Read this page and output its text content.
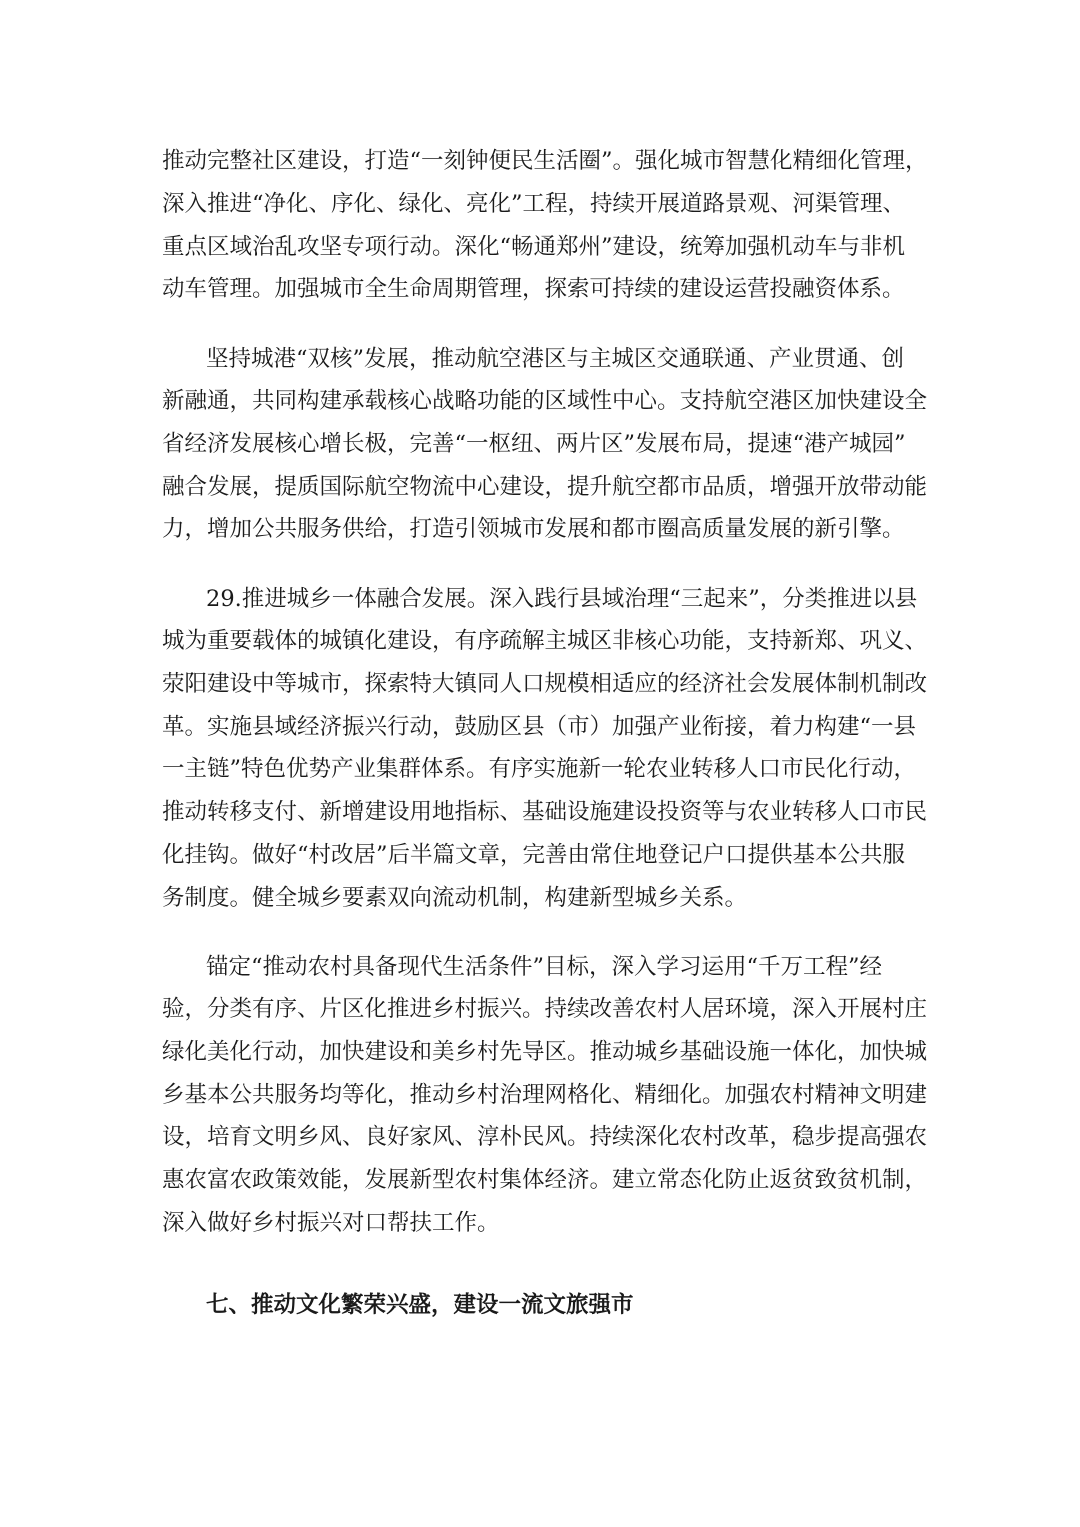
推动完整社区建设，打造“一刻钟便民生活圈”。强化城市智慧化精细化管理，

深入推进“净化、序化、绿化、亮化”工程，持续开展道路景观、河渠管理、

重点区域治乱攻坚专项行动。深化“畅通郑州”建设，统筹加强机动车与非机

动车管理。加强城市全生命周期管理，探索可持续的建设运营投融资体系。

坚持城港“双核”发展，推动航空港区与主城区交通联通、产业贯通、创

新融通，共同构建承载核心战略功能的区域性中心。支持航空港区加快建设全

省经济发展核心增长极，完善“一枢纽、两片区”发展布局，提速“港产城园”

融合发展，提质国际航空物流中心建设，提升航空都市品质，增强开放带动能

力，增加公共服务供给，打造引领城市发展和都市圈高质量发展的新引擎。

29.推进城乡一体融合发展。深入践行县域治理“三起来”，分类推进以县

城为重要载体的城镇化建设，有序疏解主城区非核心功能，支持新郑、巩义、

荥阳建设中等城市，探索特大镇同人口规模相适应的经济社会发展体制机制改

革。实施县域经济振兴行动，鼓励区县（市）加强产业衔接，着力构建“一县

一主链”特色优势产业集群体系。有序实施新一轮农业转移人口市民化行动，

推动转移支付、新增建设用地指标、基础设施建设投资等与农业转移人口市民

化挂钩。做好“村改居”后半篇文章，完善由常住地登记户口提供基本公共服

务制度。健全城乡要素双向流动机制，构建新型城乡关系。

锚定“推动农村具备现代生活条件”目标，深入学习运用“千万工程”经

验，分类有序、片区化推进乡村振兴。持续改善农村人居环境，深入开展村庄

绿化美化行动，加快建设和美乡村先导区。推动城乡基础设施一体化，加快城

乡基本公共服务均等化，推动乡村治理网格化、精细化。加强农村精神文明建

设，培育文明乡风、良好家风、淳朴民风。持续深化农村改革，稳步提高强农

惠农富农政策效能，发展新型农村集体经济。建立常态化防止返贫致贫机制，

深入做好乡村振兴对口帮扶工作。

七、推动文化繁荣兴盛，建设一流文旅强市
